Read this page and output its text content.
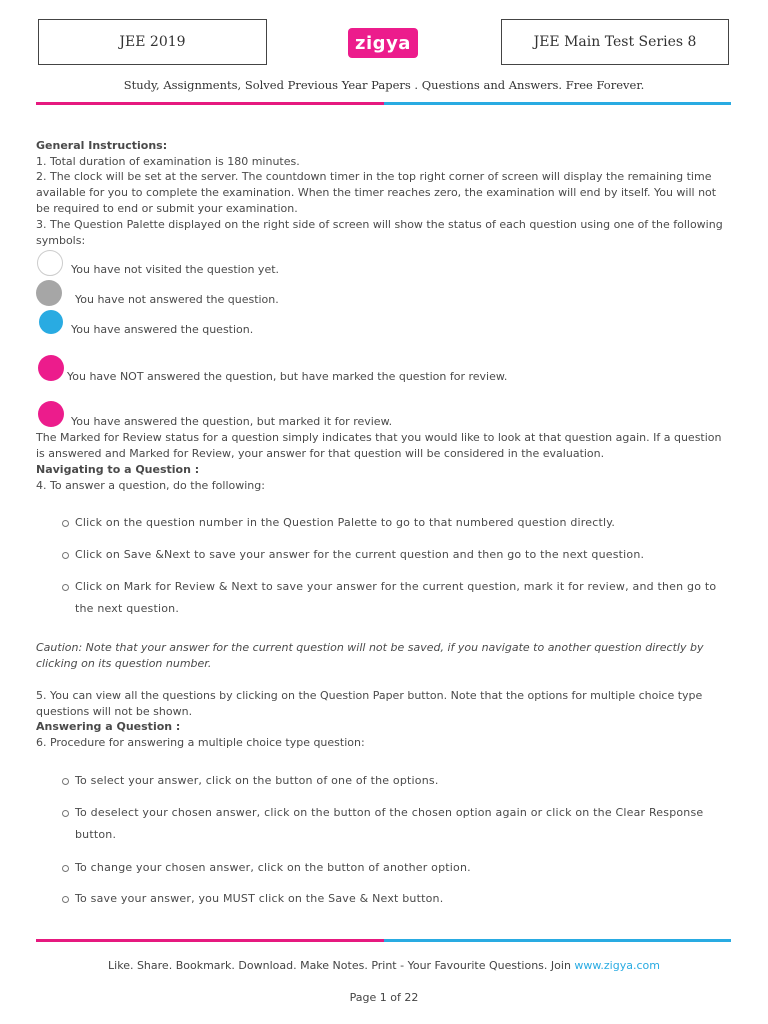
JEE 2019	zigya	JEE Main Test Series 8
Study, Assignments, Solved Previous Year Papers . Questions and Answers. Free Forever.
General Instructions:
1. Total duration of examination is 180 minutes.
2. The clock will be set at the server. The countdown timer in the top right corner of screen will display the remaining time available for you to complete the examination. When the timer reaches zero, the examination will end by itself. You will not be required to end or submit your examination.
3. The Question Palette displayed on the right side of screen will show the status of each question using one of the following symbols:
You have not visited the question yet.
You have not answered the question.
You have answered the question.
You have NOT answered the question, but have marked the question for review.
You have answered the question, but marked it for review.
The Marked for Review status for a question simply indicates that you would like to look at that question again. If a question is answered and Marked for Review, your answer for that question will be considered in the evaluation.
Navigating to a Question :
4. To answer a question, do the following:
Click on the question number in the Question Palette to go to that numbered question directly.
Click on Save &Next to save your answer for the current question and then go to the next question.
Click on Mark for Review & Next to save your answer for the current question, mark it for review, and then go to the next question.
Caution: Note that your answer for the current question will not be saved, if you navigate to another question directly by clicking on its question number.
5. You can view all the questions by clicking on the Question Paper button. Note that the options for multiple choice type questions will not be shown.
Answering a Question :
6. Procedure for answering a multiple choice type question:
To select your answer, click on the button of one of the options.
To deselect your chosen answer, click on the button of the chosen option again or click on the Clear Response button.
To change your chosen answer, click on the button of another option.
To save your answer, you MUST click on the Save & Next button.
Like. Share. Bookmark. Download. Make Notes. Print - Your Favourite Questions. Join www.zigya.com
Page 1 of 22
